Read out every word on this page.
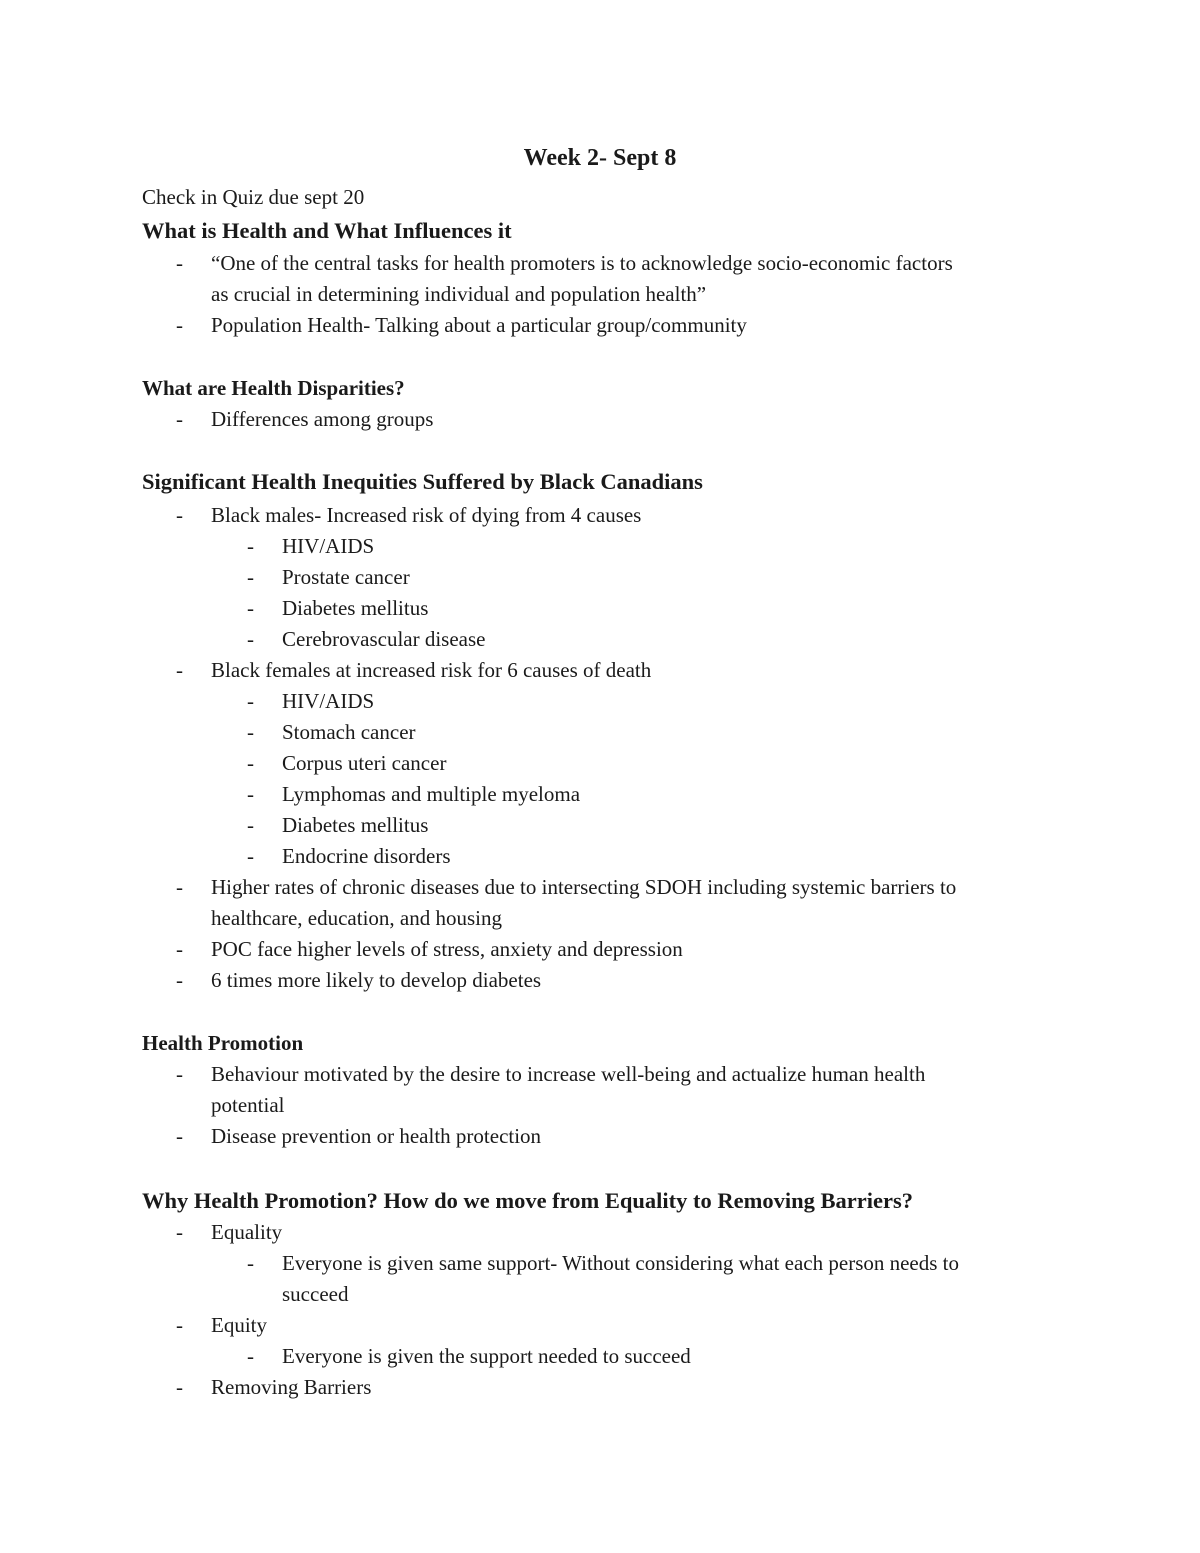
Week 2- Sept 8
Check in Quiz due sept 20
What is Health and What Influences it
- “One of the central tasks for health promoters is to acknowledge socio-economic factors
as crucial in determining individual and population health”
- Population Health- Talking about a particular group/community
What are Health Disparities?
- Differences among groups
Significant Health Inequities Suffered by Black Canadians
- Black males- Increased risk of dying from 4 causes
- HIV/AIDS
- Prostate cancer
- Diabetes mellitus
- Cerebrovascular disease
- Black females at increased risk for 6 causes of death
- HIV/AIDS
- Stomach cancer
- Corpus uteri cancer
- Lymphomas and multiple myeloma
- Diabetes mellitus
- Endocrine disorders
- Higher rates of chronic diseases due to intersecting SDOH including systemic barriers to
healthcare, education, and housing
- POC face higher levels of stress, anxiety and depression
- 6 times more likely to develop diabetes
Health Promotion
- Behaviour motivated by the desire to increase well-being and actualize human health
potential
- Disease prevention or health protection
Why Health Promotion? How do we move from Equality to Removing Barriers?
- Equality
- Everyone is given same support- Without considering what each person needs to
succeed
- Equity
- Everyone is given the support needed to succeed
- Removing Barriers
